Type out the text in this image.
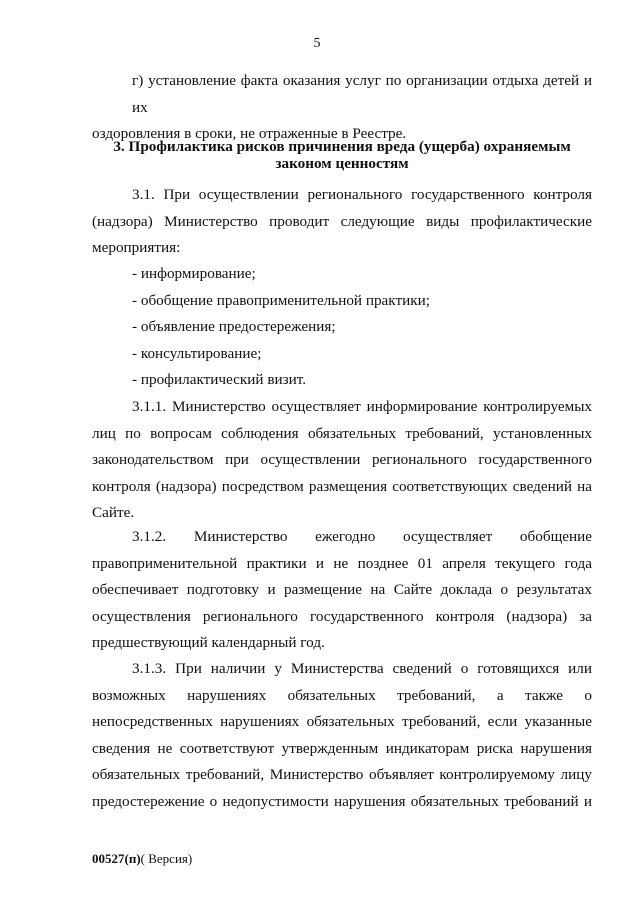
5
г) установление факта оказания услуг по организации отдыха детей и их
оздоровления в сроки, не отраженные в Реестре.
3. Профилактика рисков причинения вреда (ущерба) охраняемым
законом ценностям
3.1. При осуществлении регионального государственного контроля
(надзора) Министерство проводит следующие виды профилактические
мероприятия:
- информирование;
- обобщение правоприменительной практики;
- объявление предостережения;
- консультирование;
- профилактический визит.
3.1.1. Министерство осуществляет информирование контролируемых
лиц по вопросам соблюдения обязательных требований, установленных
законодательством при осуществлении регионального государственного
контроля (надзора) посредством размещения соответствующих сведений на
Сайте.
3.1.2. Министерство ежегодно осуществляет обобщение
правоприменительной практики и не позднее 01 апреля текущего года
обеспечивает подготовку и размещение на Сайте доклада о результатах
осуществления регионального государственного контроля (надзора) за
предшествующий календарный год.
3.1.3. При наличии у Министерства сведений о готовящихся или
возможных нарушениях обязательных требований, а также о
непосредственных нарушениях обязательных требований, если указанные
сведения не соответствуют утвержденным индикаторам риска нарушения
обязательных требований, Министерство объявляет контролируемому лицу
предостережение о недопустимости нарушения обязательных требований и
00527(п)( Версия)
